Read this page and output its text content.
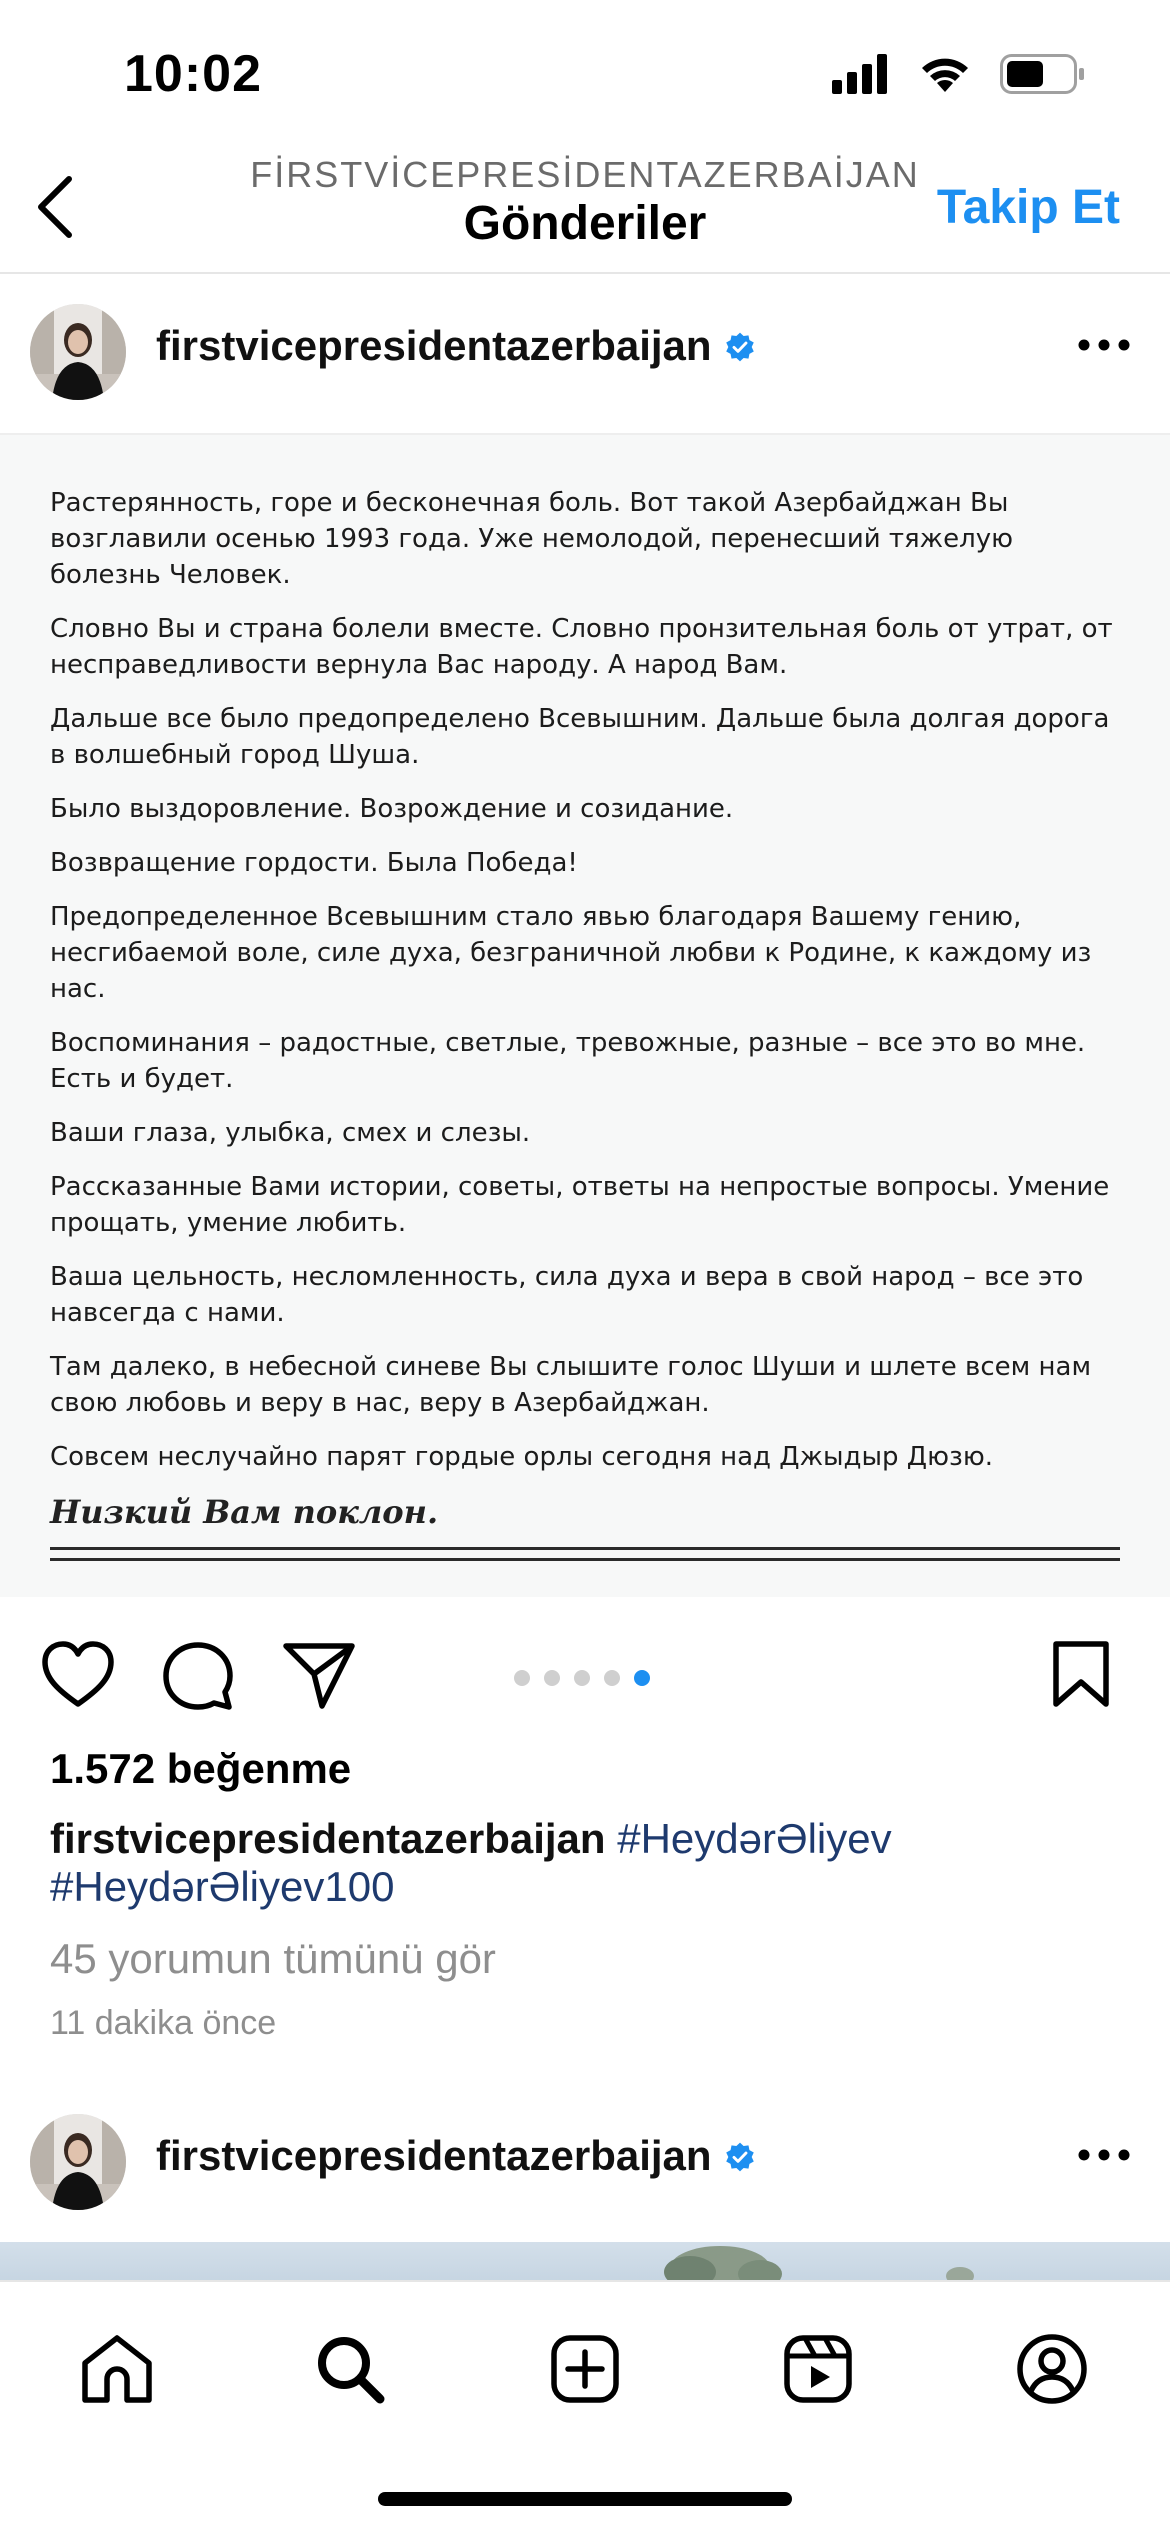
10:02
FİRSTVİCEPRESİDENTAZERBAİJAN
Gönderiler	Takip Et
firstvicepresidentazerbaijan

Растерянность, горе и бесконечная боль. Вот такой Азербайджан Вы возглавили осенью 1993 года. Уже немолодой, перенесший тяжелую болезнь Человек.

Словно Вы и страна болели вместе. Словно пронзительная боль от утрат, от несправедливости вернула Вас народу. А народ Вам.

Дальше все было предопределено Всевышним. Дальше была долгая дорога в волшебный город Шуша.

Было выздоровление. Возрождение и созидание.

Возвращение гордости. Была Победа!

Предопределенное Всевышним стало явью благодаря Вашему гению, несгибаемой воле, силе духа, безграничной любви к Родине, к каждому из нас.

Воспоминания – радостные, светлые, тревожные, разные – все это во мне. Есть и будет.

Ваши глаза, улыбка, смех и слезы.

Рассказанные Вами истории, советы, ответы на непростые вопросы. Умение прощать, умение любить.

Ваша цельность, несломленность, сила духа и вера в свой народ – все это навсегда с нами.

Там далеко, в небесной синеве Вы слышите голос Шуши и шлете всем нам свою любовь и веру в нас, веру в Азербайджан.

Совсем неслучайно парят гордые орлы сегодня над Джыдыр Дюзю.

Низкий Вам поклон.
1.572 beğenme
firstvicepresidentazerbaijan #HeydərƏliyev
#HeydərƏliyev100
45 yorumun tümünü gör
11 dakika önce
firstvicepresidentazerbaijan
